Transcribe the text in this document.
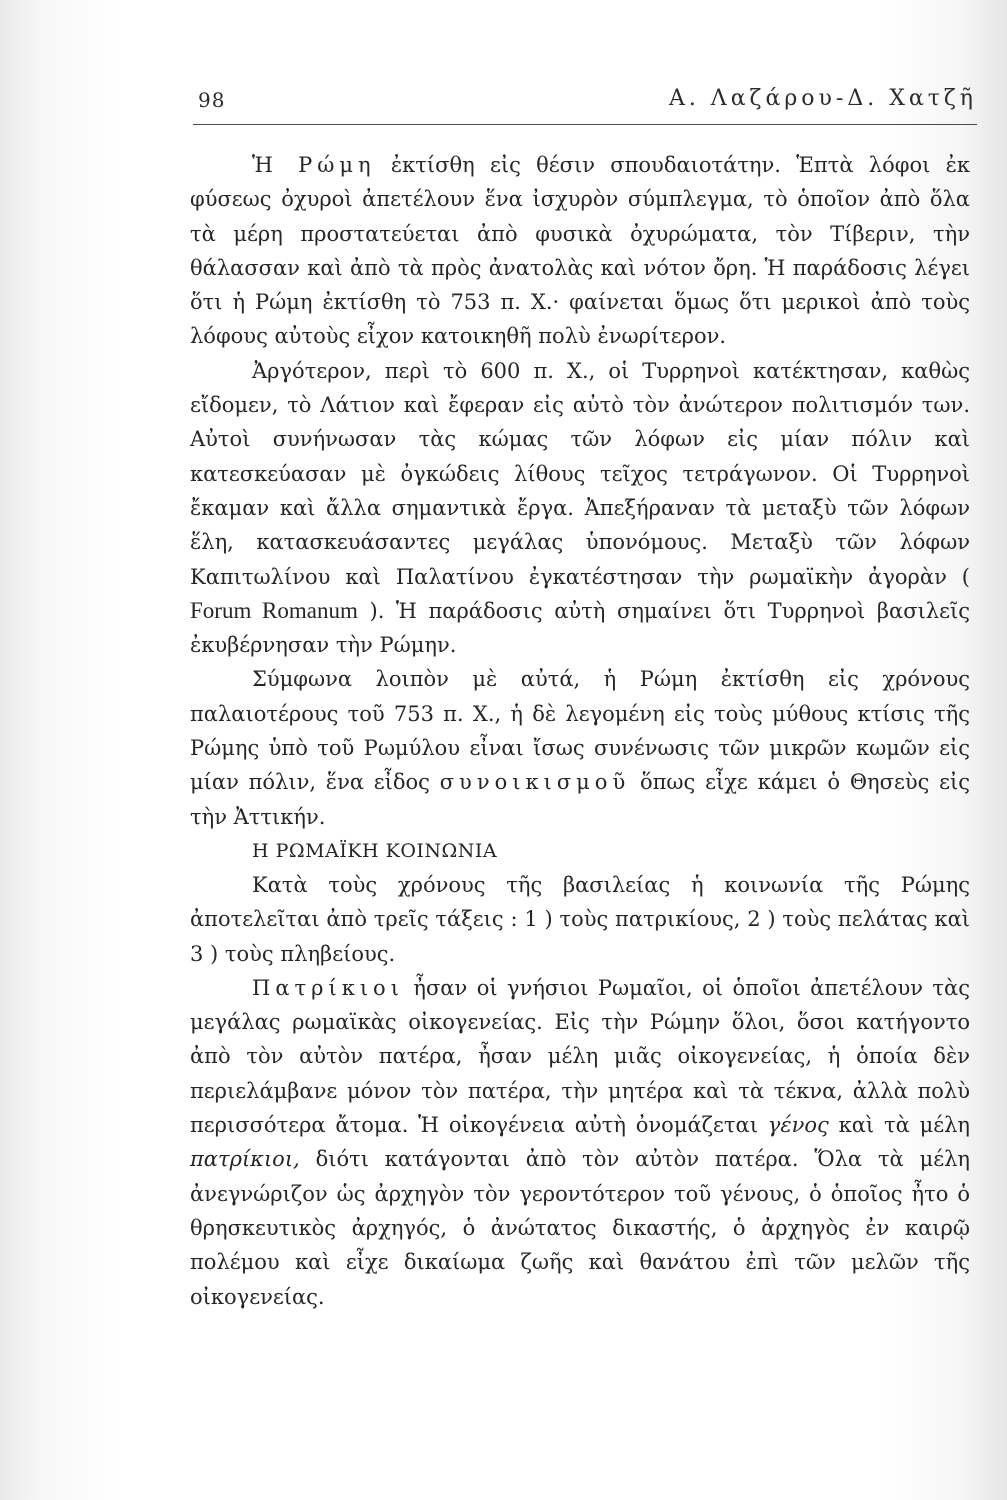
98	Α. Λαζάρου-Δ. Χατζῆ

Ἡ Ρώμη ἐκτίσθη εἰς θέσιν σπουδαιοτάτην. Ἑπτὰ λόφοι ἐκ φύσεως ὀχυροὶ ἀπετέλουν ἕνα ἰσχυρὸν σύμπλεγμα, τὸ ὁποῖον ἀπὸ ὅλα τὰ μέρη προστατεύεται ἀπὸ φυσικὰ ὀχυρώματα, τὸν Τίβεριν, τὴν θάλασσαν καὶ ἀπὸ τὰ πρὸς ἀνατολὰς καὶ νότον ὄρη. Ἡ παράδοσις λέγει ὅτι ἡ Ρώμη ἐκτίσθη τὸ 753 π. Χ.· φαίνεται ὅμως ὅτι μερικοὶ ἀπὸ τοὺς λόφους αὐτοὺς εἶχον κατοικηθῆ πολὺ ἐνωρίτερον.

Ἀργότερον, περὶ τὸ 600 π. Χ., οἱ Τυρρηνοὶ κατέκτησαν, καθὼς εἴδομεν, τὸ Λάτιον καὶ ἔφεραν εἰς αὐτὸ τὸν ἀνώτερον πολιτισμόν των. Αὐτοὶ συνήνωσαν τὰς κώμας τῶν λόφων εἰς μίαν πόλιν καὶ κατεσκεύασαν μὲ ὀγκώδεις λίθους τεῖχος τετράγωνον. Οἱ Τυρρηνοὶ ἔκαμαν καὶ ἄλλα σημαντικὰ ἔργα. Ἀπεξήραναν τὰ μεταξὺ τῶν λόφων ἕλη, κατασκευάσαντες μεγάλας ὑπονόμους. Μεταξὺ τῶν λόφων Καπιτωλίνου καὶ Παλατίνου ἐγκατέστησαν τὴν ρωμαϊκὴν ἀγορὰν ( Forum Romanum ). Ἡ παράδοσις αὐτὴ σημαίνει ὅτι Τυρρηνοὶ βασιλεῖς ἐκυβέρνησαν τὴν Ρώμην.

Σύμφωνα λοιπὸν μὲ αὐτά, ἡ Ρώμη ἐκτίσθη εἰς χρόνους παλαιοτέρους τοῦ 753 π. Χ., ἡ δὲ λεγομένη εἰς τοὺς μύθους κτίσις τῆς Ρώμης ὑπὸ τοῦ Ρωμύλου εἶναι ἴσως συνένωσις τῶν μικρῶν κωμῶν εἰς μίαν πόλιν, ἕνα εἶδος συνοικισμοῦ ὅπως εἶχε κάμει ὁ Θησεὺς εἰς τὴν Ἀττικήν.

Η ΡΩΜΑΪΚΗ ΚΟΙΝΩΝΙΑ

Κατὰ τοὺς χρόνους τῆς βασιλείας ἡ κοινωνία τῆς Ρώμης ἀποτελεῖται ἀπὸ τρεῖς τάξεις : 1 ) τοὺς πατρικίους, 2 ) τοὺς πελάτας καὶ 3 ) τοὺς πληβείους.

Πατρίκιοι ἦσαν οἱ γνήσιοι Ρωμαῖοι, οἱ ὁποῖοι ἀπετέλουν τὰς μεγάλας ρωμαϊκὰς οἰκογενείας. Εἰς τὴν Ρώμην ὅλοι, ὅσοι κατήγοντο ἀπὸ τὸν αὐτὸν πατέρα, ἦσαν μέλη μιᾶς οἰκογενείας, ἡ ὁποία δὲν περιελάμβανε μόνον τὸν πατέρα, τὴν μητέρα καὶ τὰ τέκνα, ἀλλὰ πολὺ περισσότερα ἄτομα. Ἡ οἰκογένεια αὐτὴ ὀνομάζεται γένος καὶ τὰ μέλη πατρίκιοι, διότι κατάγονται ἀπὸ τὸν αὐτὸν πατέρα. Ὅλα τὰ μέλη ἀνεγνώριζον ὡς ἀρχηγὸν τὸν γεροντότερον τοῦ γένους, ὁ ὁποῖος ἦτο ὁ θρησκευτικὸς ἀρχηγός, ὁ ἀνώτατος δικαστής, ὁ ἀρχηγὸς ἐν καιρῷ πολέμου καὶ εἶχε δικαίωμα ζωῆς καὶ θανάτου ἐπὶ τῶν μελῶν τῆς οἰκογενείας.
